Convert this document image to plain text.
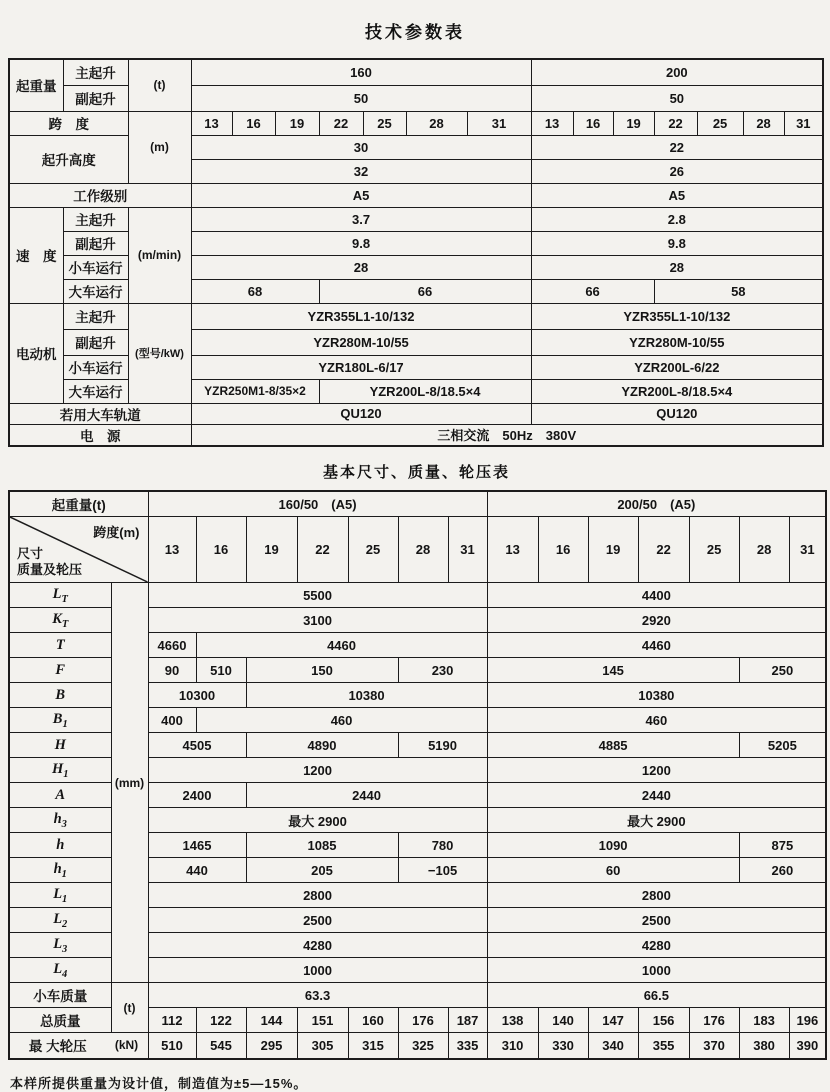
技术参数表
起重量	主起升	(t)	160							200						
	副起升		50							50						
跨　度		(m)	13	16	19	22	25	28	31	13	16	19	22	25	28	31
起升高度			30							22						
			32							26						
工作级别			A5							A5						
速　度	主起升	(m/min)	3.7							2.8						
	副起升		9.8							9.8						
	小车运行		28							28						
	大车运行		68			66				66			58			
电动机	主起升	(型号/kW)	YZR355L1-10/132							YZR355L1-10/132						
	副起升		YZR280M-10/55							YZR280M-10/55						
	小车运行		YZR180L-6/17							YZR200L-6/22						
	大车运行		YZR250M1-8/35×2			YZR200L-8/18.5×4				YZR200L-8/18.5×4						
若用大车轨道			QU120							QU120						
电　源			三相交流　50Hz　380V													
基本尺寸、质量、轮压表
起重量(t)		160/50　(A5)							200/50　(A5)						

跨度(m)
尺寸
质量及轮压		13	16	19	22	25	28	31	13	16	19	22	25	28	31
$L_T$	(mm)	5500							4400						
$K_T$		3100							2920						
T		4660	4460						4460						
F		90	510	150			230		145					250	
B		10300		10380					10380						
$B_1$		400	460						460						
H		4505		4890			5190		4885					5205	
$H_1$		1200							1200						
A		2400		2440					2440						
$h_3$		最大 2900							最大 2900						
h		1465		1085			780		1090					875	
$h_1$		440		205			−105		60					260	
$L_1$		2800							2800						
$L_2$		2500							2500						
$L_3$		4280							4280						
$L_4$		1000							1000						
小车质量	(t)	63.3							66.5						
总质量		112	122	144	151	160	176	187	138	140	147	156	176	183	196

最 大轮压 (kN)		510	545	295	305	315	325	335	310	330	340	355	370	380	390
本样所提供重量为设计值，制造值为±5—15%。
